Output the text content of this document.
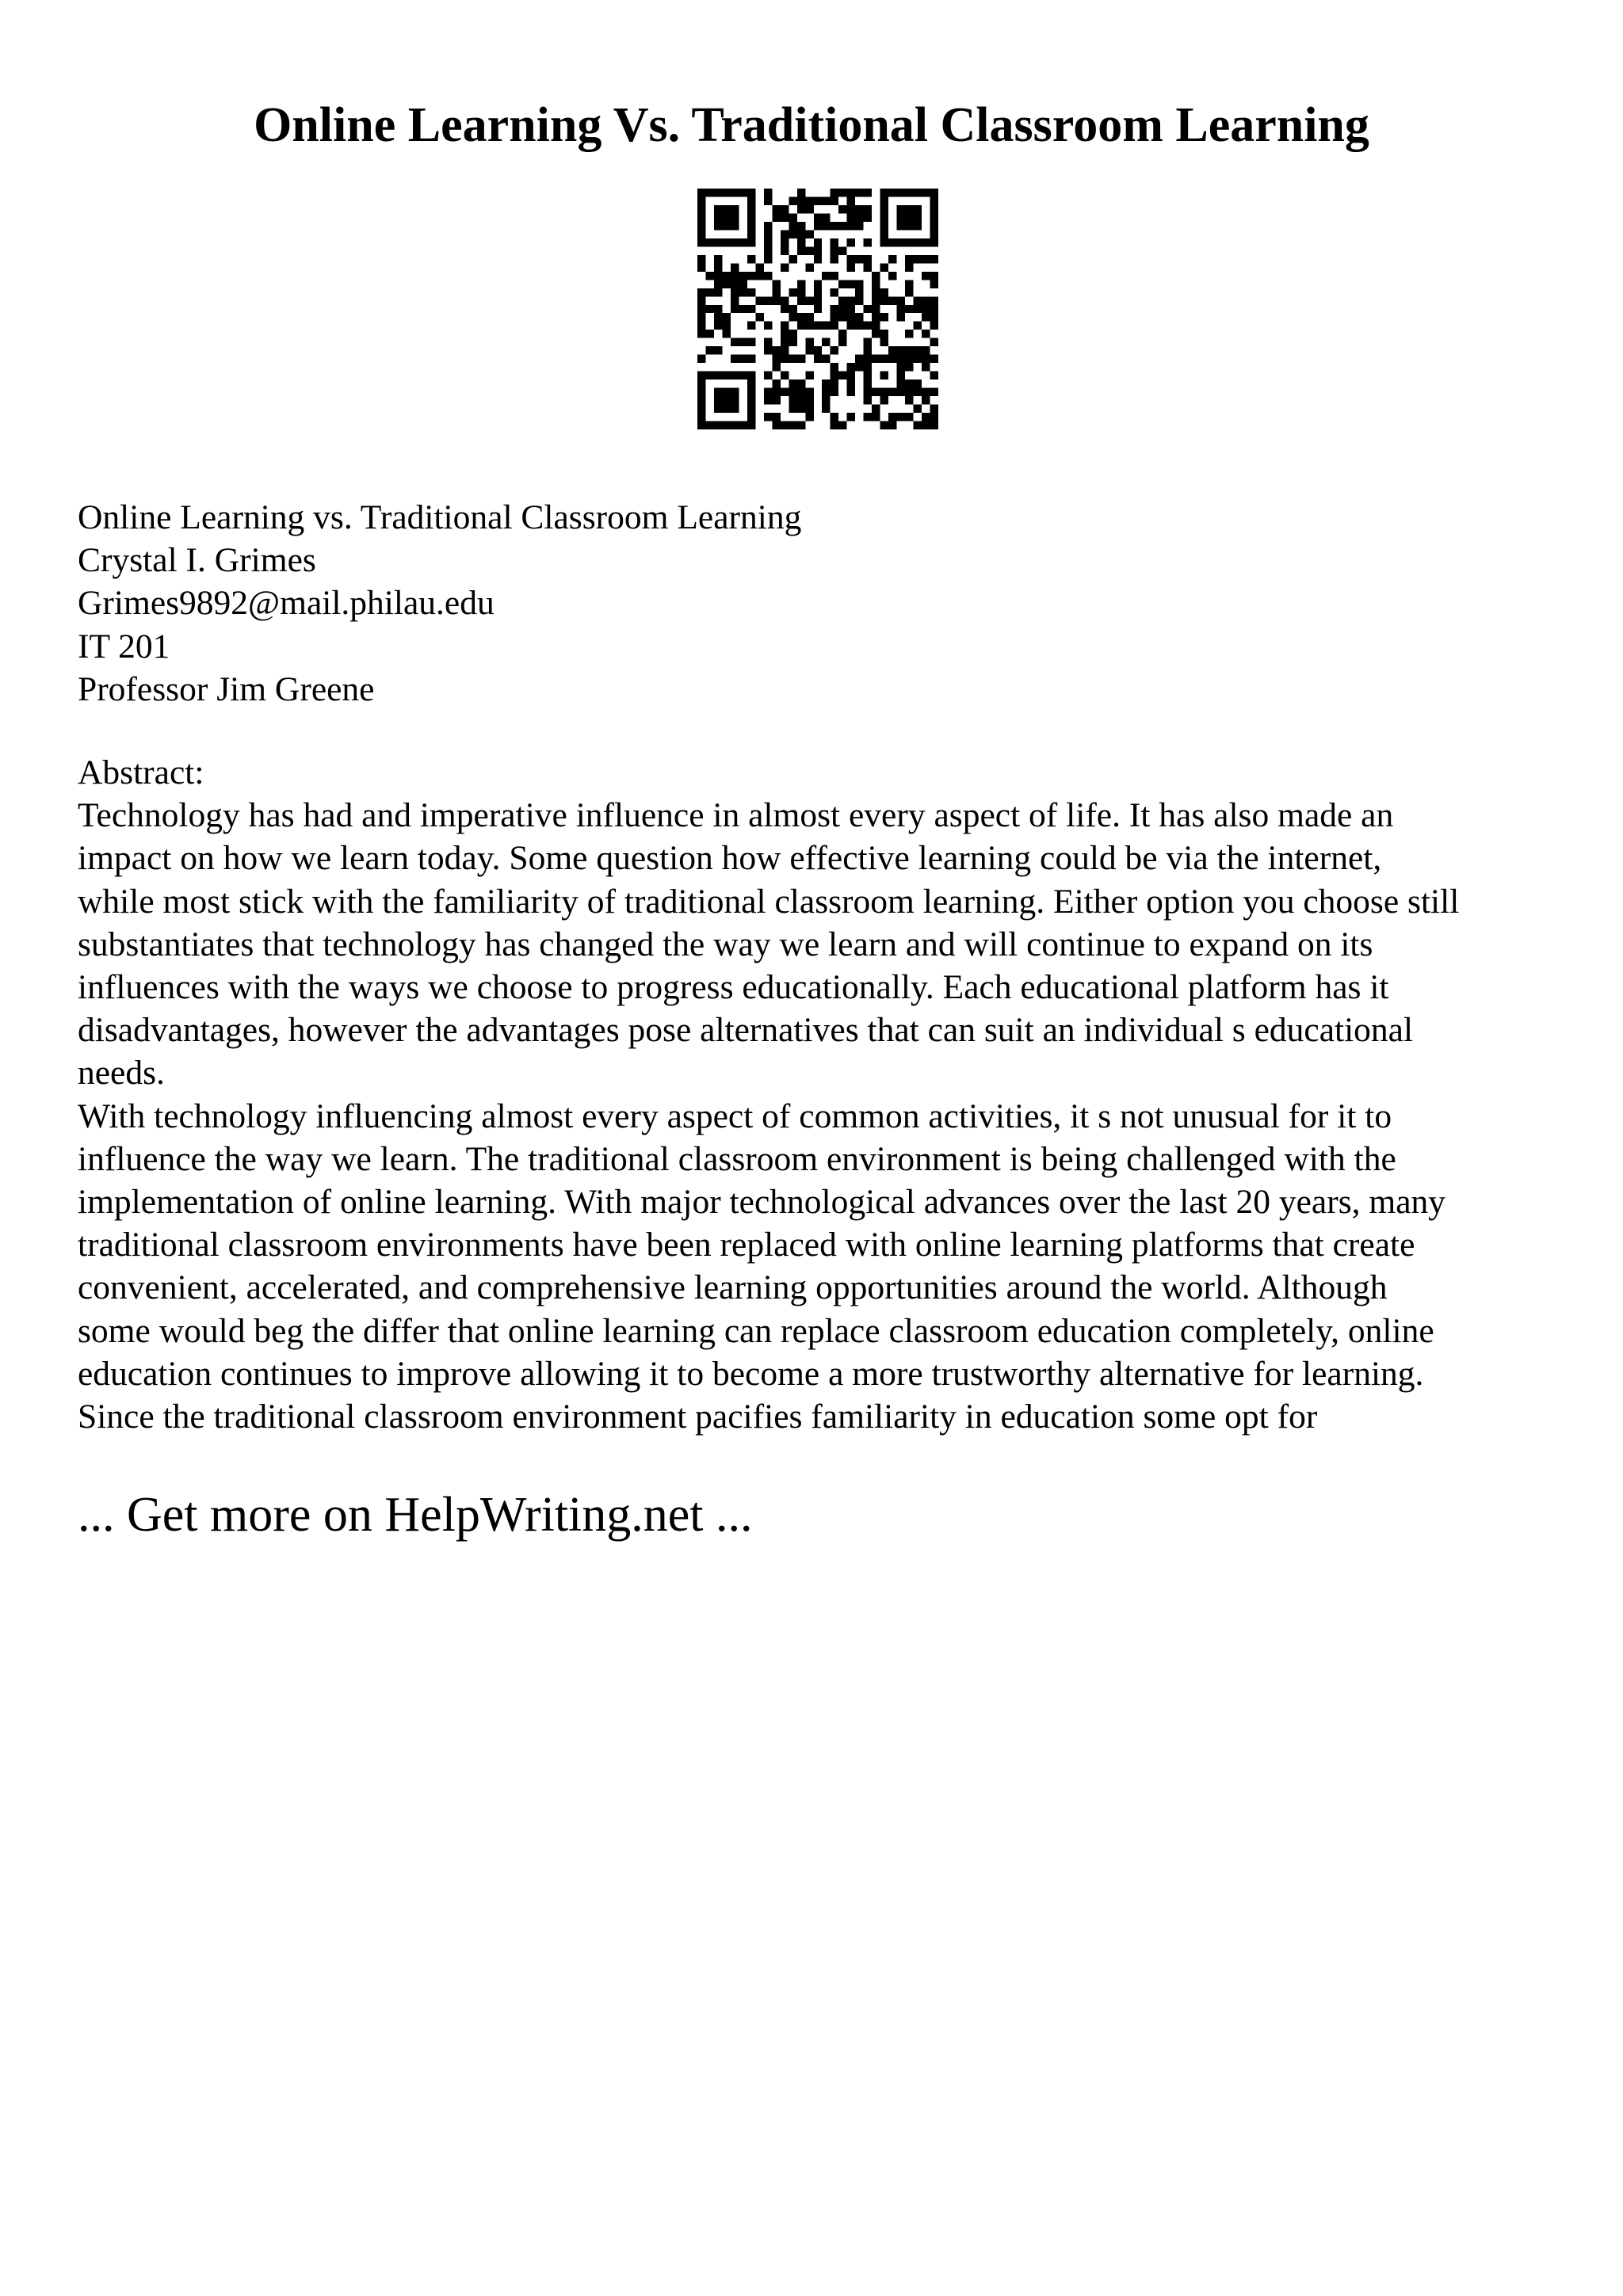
Online Learning Vs. Traditional Classroom Learning
Online Learning vs. Traditional Classroom Learning
Crystal I. Grimes
Grimes9892@mail.philau.edu
IT 201
Professor Jim Greene
Abstract:
Technology has had and imperative influence in almost every aspect of life. It has also made an
impact on how we learn today. Some question how effective learning could be via the internet,
while most stick with the familiarity of traditional classroom learning. Either option you choose still
substantiates that technology has changed the way we learn and will continue to expand on its
influences with the ways we choose to progress educationally. Each educational platform has it
disadvantages, however the advantages pose alternatives that can suit an individual s educational
needs.
With technology influencing almost every aspect of common activities, it s not unusual for it to
influence the way we learn. The traditional classroom environment is being challenged with the
implementation of online learning. With major technological advances over the last 20 years, many
traditional classroom environments have been replaced with online learning platforms that create
convenient, accelerated, and comprehensive learning opportunities around the world. Although
some would beg the differ that online learning can replace classroom education completely, online
education continues to improve allowing it to become a more trustworthy alternative for learning.
Since the traditional classroom environment pacifies familiarity in education some opt for

... Get more on HelpWriting.net ...
